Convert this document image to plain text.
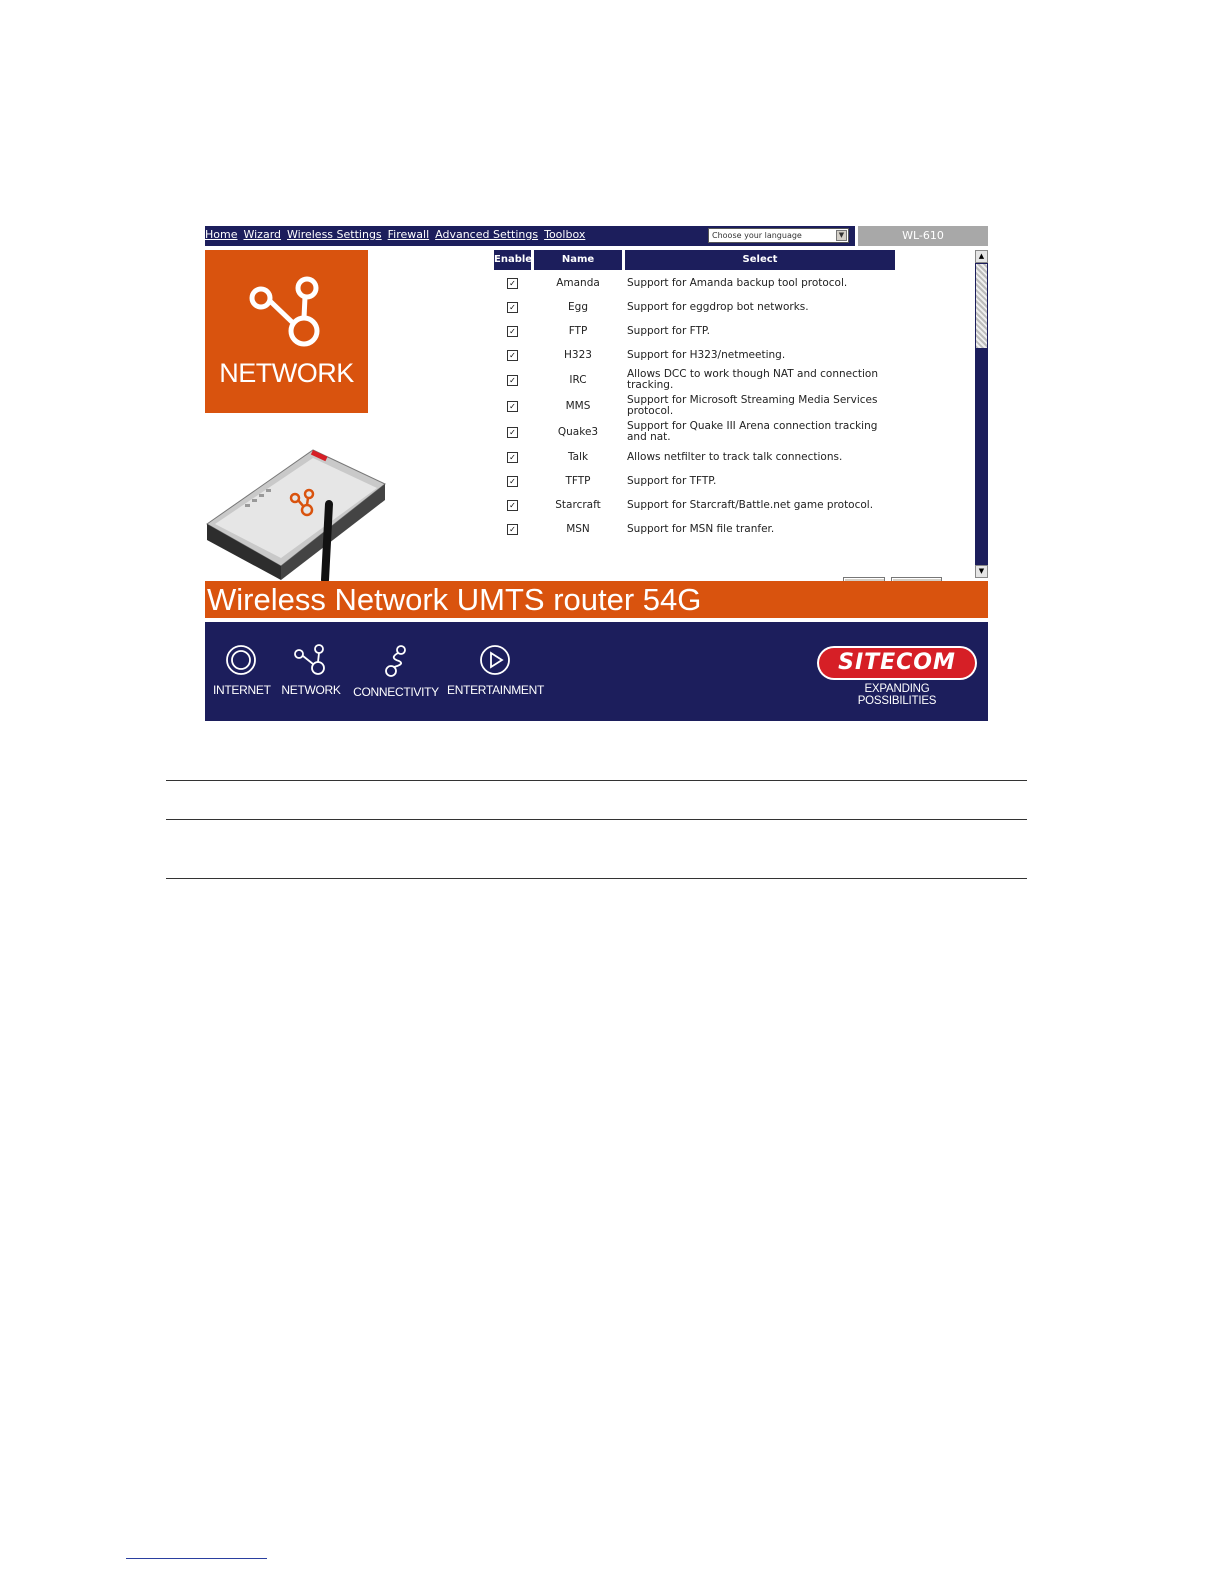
Home Wizard Wireless Settings Firewall Advanced Settings Toolbox	Choose your language	▼	WL-610
NETWORK
Enable	Name	Select
✓	Amanda	Support for Amanda backup tool protocol.
✓	Egg	Support for eggdrop bot networks.
✓	FTP	Support for FTP.
✓	H323	Support for H323/netmeeting.
✓	IRC	Allows DCC to work though NAT and connection tracking.
✓	MMS	Support for Microsoft Streaming Media Services protocol.
✓	Quake3	Support for Quake III Arena connection tracking and nat.
✓	Talk	Allows netfilter to track talk connections.
✓	TFTP	Support for TFTP.
✓	Starcraft	Support for Starcraft/Battle.net game protocol.
✓	MSN	Support for MSN file tranfer.
▲
▼
Wireless Network UMTS router 54G
INTERNET NETWORK CONNECTIVITY ENTERTAINMENT
SITECOM
EXPANDING POSSIBILITIES
